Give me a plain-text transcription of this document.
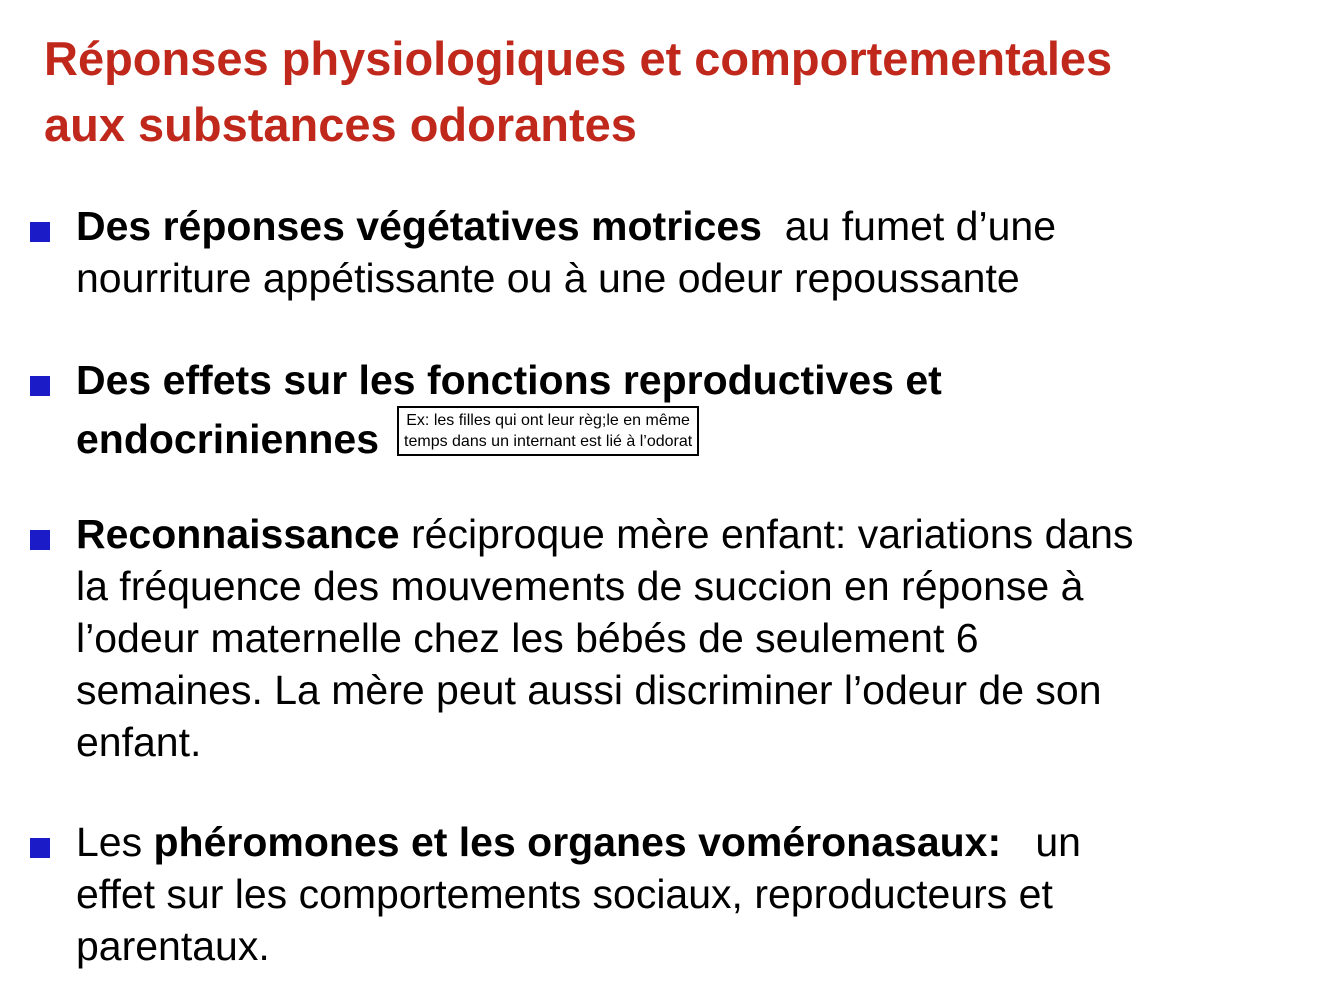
Réponses physiologiques et comportementales
aux substances odorantes
Des réponses végétatives motrices au fumet d’une
nourriture appétissante ou à une odeur repoussante
Des effets sur les fonctions reproductives et
endocriniennes Ex: les filles qui ont leur règ;le en même
temps dans un internant est lié à l’odorat
Reconnaissance réciproque mère enfant: variations dans
la fréquence des mouvements de succion en réponse à
l’odeur maternelle chez les bébés de seulement 6
semaines. La mère peut aussi discriminer l’odeur de son
enfant.
Les phéromones et les organes voméronasaux: un
effet sur les comportements sociaux, reproducteurs et
parentaux.
